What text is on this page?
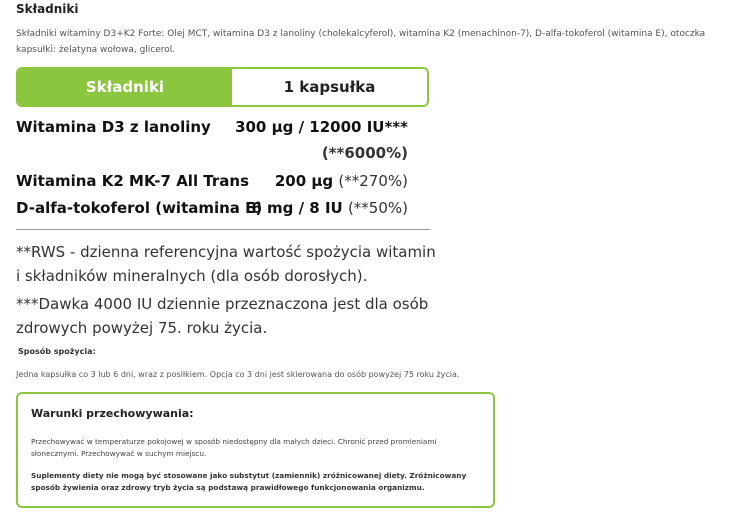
Składniki
Składniki witaminy D3+K2 Forte: Olej MCT, witamina D3 z lanoliny (cholekalcyferol), witamina K2 (menachinon-7), D-alfa-tokoferol (witamina E), otoczka kapsułki: żelatyna wołowa, glicerol.
Składniki	1 kapsułka
Witamina D3 z lanoliny 300 µg / 12000 IU***
(**6000%)
Witamina K2 MK-7 All Trans 200 µg (**270%)
D-alfa-tokoferol (witamina E)
6 mg / 8 IU (**50%)
**RWS - dzienna referencyjna wartość spożycia witamin i składników mineralnych (dla osób dorosłych).
***Dawka 4000 IU dziennie przeznaczona jest dla osób zdrowych powyżej 75. roku życia.
Sposób spożycia:
Jedna kapsułka co 3 lub 6 dni, wraz z posiłkiem. Opcja co 3 dni jest skierowana do osób powyżej 75 roku życia.
Warunki przechowywania:
Przechowywać w temperaturze pokojowej w sposób niedostępny dla małych dzieci. Chronić przed promieniami słonecznymi. Przechowywać w suchym miejscu.
Suplementy diety nie mogą być stosowane jako substytut (zamiennik) zróżnicowanej diety. Zróżnicowany sposób żywienia oraz zdrowy tryb życia są podstawą prawidłowego funkcjonowania organizmu.
